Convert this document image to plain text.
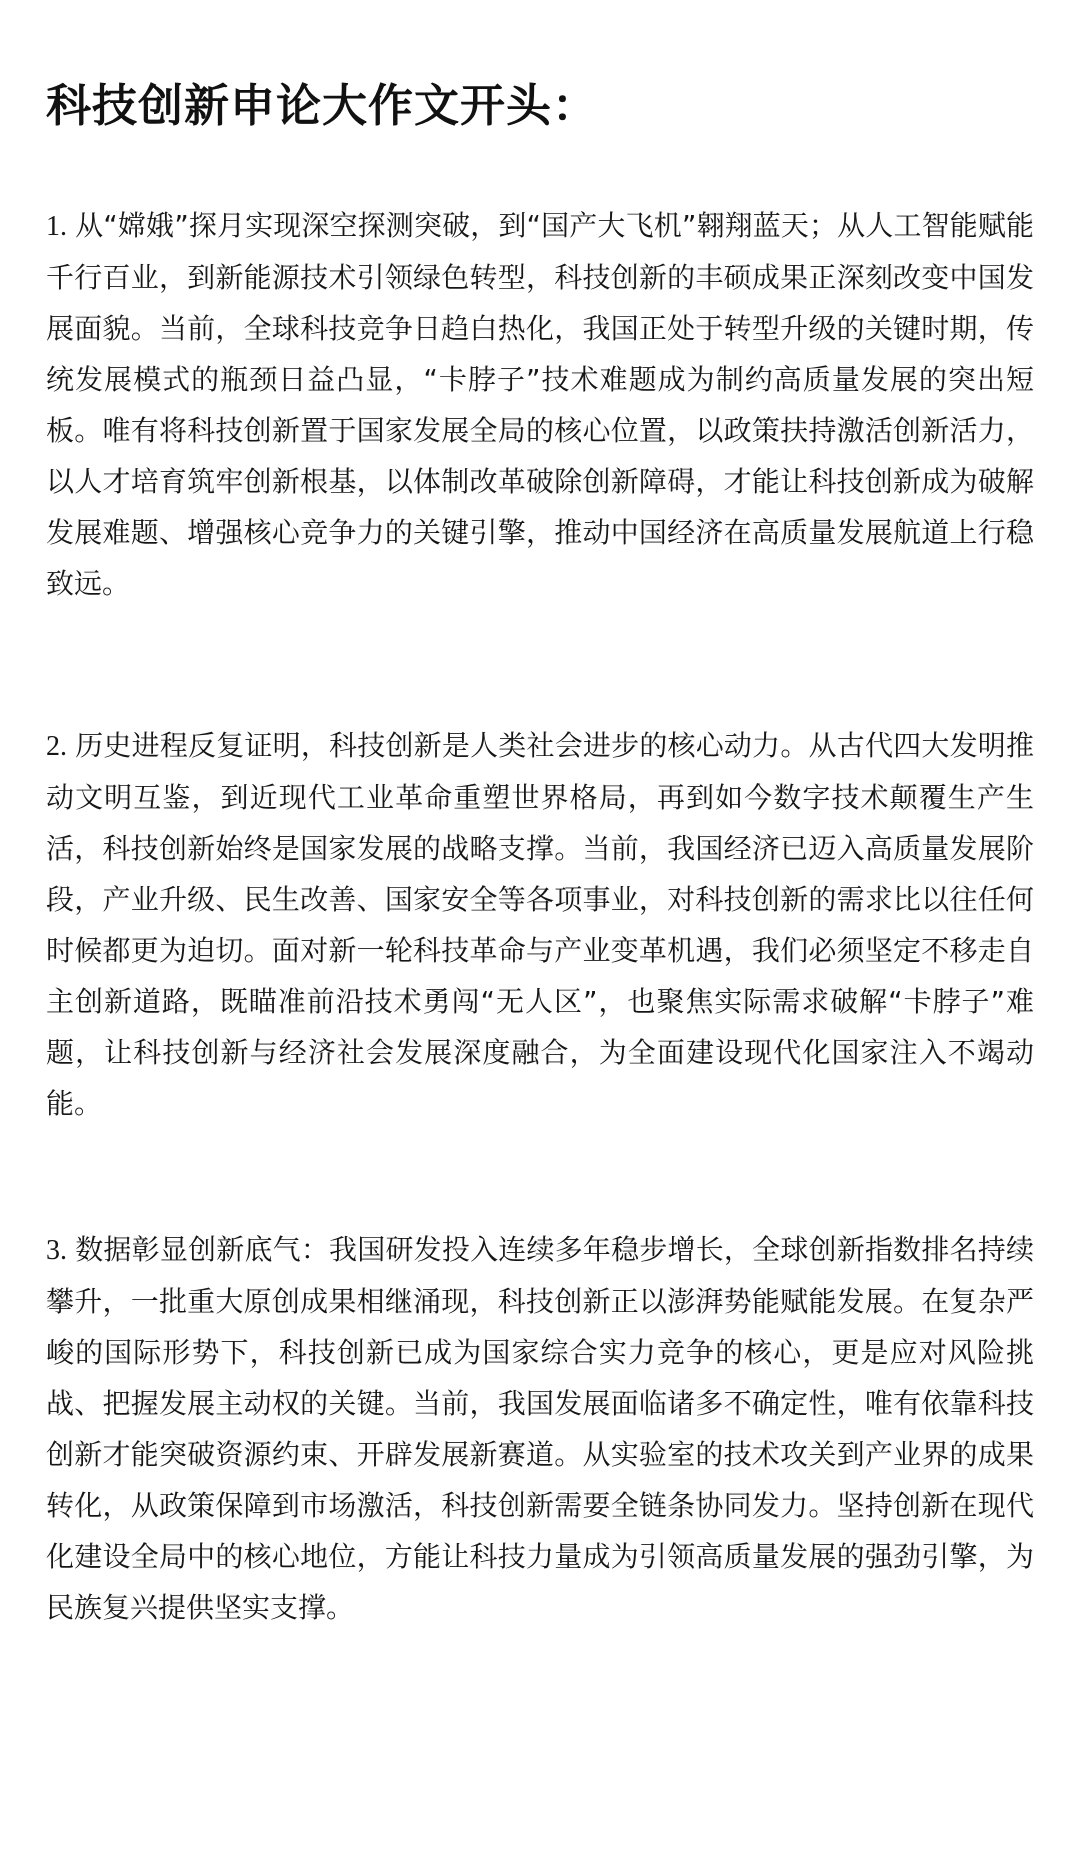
科技创新申论大作文开头：

1. 从“嫦娥”探月实现深空探测突破，到“国产大飞机”翱翔蓝天；从人工智能赋能千行百业，到新能源技术引领绿色转型，科技创新的丰硕成果正深刻改变中国发展面貌。当前，全球科技竞争日趋白热化，我国正处于转型升级的关键时期，传统发展模式的瓶颈日益凸显，“卡脖子”技术难题成为制约高质量发展的突出短板。唯有将科技创新置于国家发展全局的核心位置，以政策扶持激活创新活力，以人才培育筑牢创新根基，以体制改革破除创新障碍，才能让科技创新成为破解发展难题、增强核心竞争力的关键引擎，推动中国经济在高质量发展航道上行稳致远。

2. 历史进程反复证明，科技创新是人类社会进步的核心动力。从古代四大发明推动文明互鉴，到近现代工业革命重塑世界格局，再到如今数字技术颠覆生产生活，科技创新始终是国家发展的战略支撑。当前，我国经济已迈入高质量发展阶段，产业升级、民生改善、国家安全等各项事业，对科技创新的需求比以往任何时候都更为迫切。面对新一轮科技革命与产业变革机遇，我们必须坚定不移走自主创新道路，既瞄准前沿技术勇闯“无人区”，也聚焦实际需求破解“卡脖子”难题，让科技创新与经济社会发展深度融合，为全面建设现代化国家注入不竭动能。

3. 数据彰显创新底气：我国研发投入连续多年稳步增长，全球创新指数排名持续攀升，一批重大原创成果相继涌现，科技创新正以澎湃势能赋能发展。在复杂严峻的国际形势下，科技创新已成为国家综合实力竞争的核心，更是应对风险挑战、把握发展主动权的关键。当前，我国发展面临诸多不确定性，唯有依靠科技创新才能突破资源约束、开辟发展新赛道。从实验室的技术攻关到产业界的成果转化，从政策保障到市场激活，科技创新需要全链条协同发力。坚持创新在现代化建设全局中的核心地位，方能让科技力量成为引领高质量发展的强劲引擎，为民族复兴提供坚实支撑。
